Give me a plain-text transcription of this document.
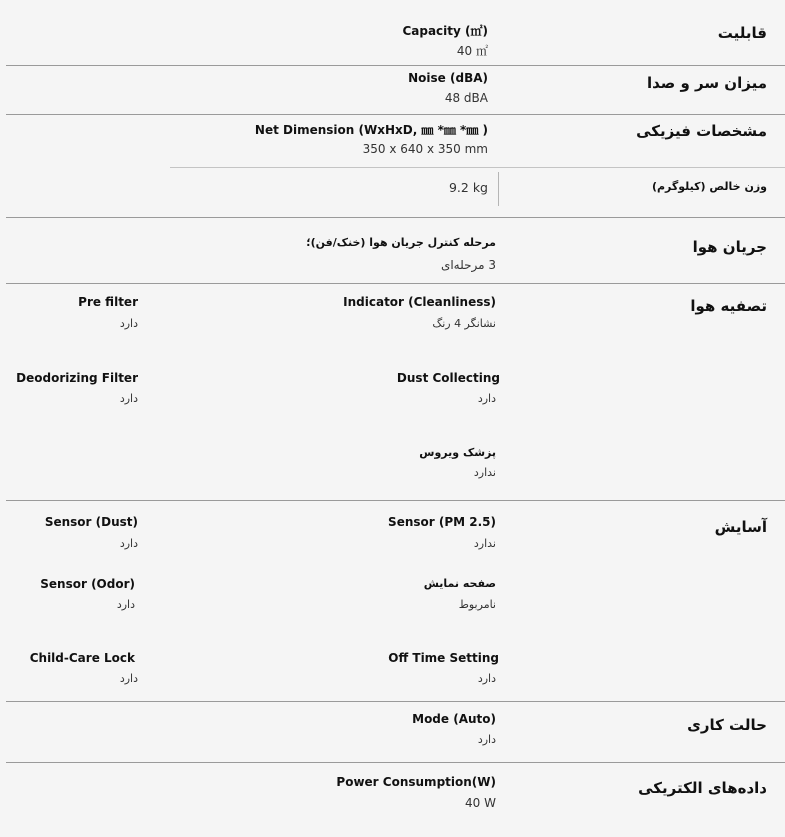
قابلیت
Capacity (㎡)
40 ㎡
میزان سر و صدا
Noise (dBA)
48 dBA
مشخصات فیزیکی
Net Dimension (WxHxD, ㎜ *㎜ *㎜ )
350 x 640 x 350 mm
وزن خالص (کیلوگرم)
9.2 kg
جریان هوا
مرحله کنترل جریان هوا (خنک/فن)؛
3 مرحله‌ای
تصفیه هوا
Indicator (Cleanliness)
نشانگر 4 رنگ
Pre filter
دارد
Dust Collecting
دارد
Deodorizing Filter
دارد
پزشک ویروس
ندارد
آسایش
Sensor (PM 2.5)
ندارد
Sensor (Dust)
دارد
صفحه نمایش
نامربوط
Sensor (Odor)
دارد
Off Time Setting
دارد
Child-Care Lock
دارد
حالت کاری
Mode (Auto)
دارد
داده‌های الکتریکی
Power Consumption(W)
40 W
